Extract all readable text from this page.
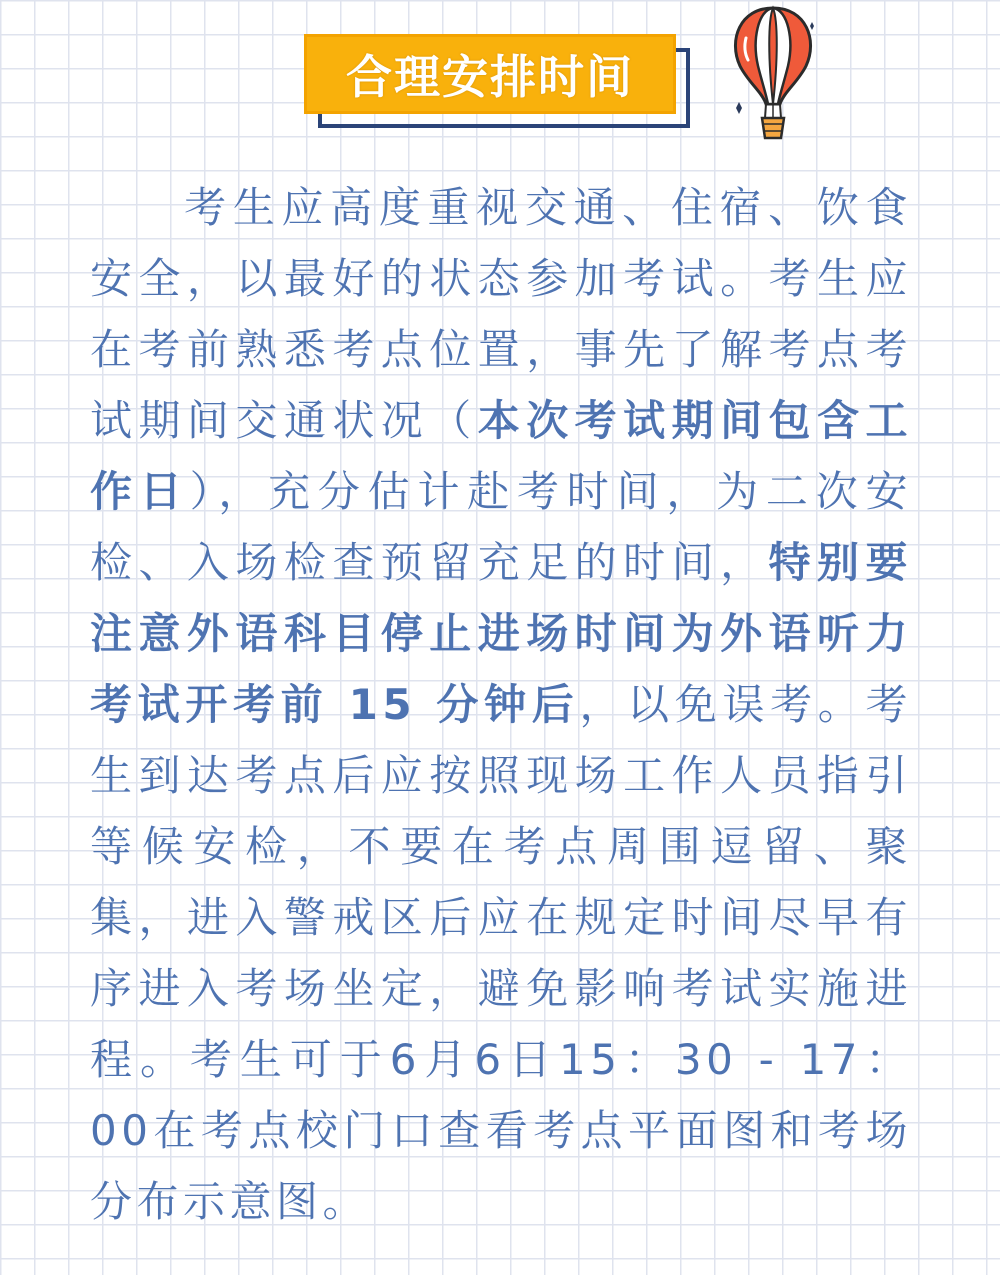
合理安排时间

考生应高度重视交通、住宿、饮食安全，以最好的状态参加考试。考生应在考前熟悉考点位置，事先了解考点考试期间交通状况（本次考试期间包含工作日），充分估计赴考时间，为二次安检、入场检查预留充足的时间，特别要注意外语科目停止进场时间为外语听力考试开考前 15 分钟后，以免误考。考生到达考点后应按照现场工作人员指引等候安检，不要在考点周围逗留、聚集，进入警戒区后应在规定时间尽早有序进入考场坐定，避免影响考试实施进程。考生可于6月6日15：30 - 17：00在考点校门口查看考点平面图和考场分布示意图。
